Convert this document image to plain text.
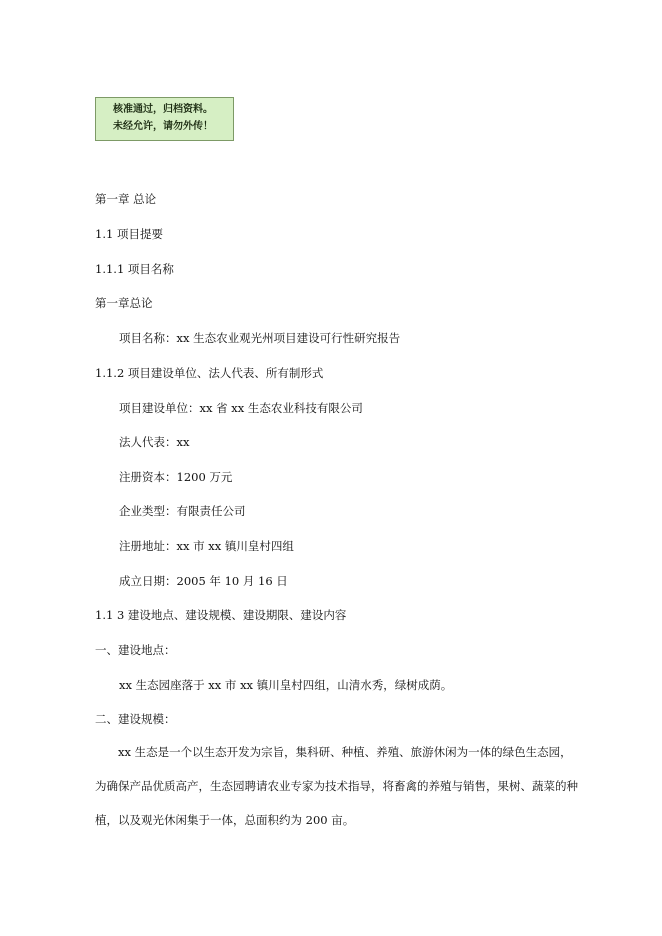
核准通过，归档资料。
未经允许，请勿外传！
第一章 总论
1.1 项目提要
1.1.1 项目名称
第一章总论
项目名称：xx 生态农业观光州项目建设可行性研究报告
1.1.2 项目建设单位、法人代表、所有制形式
项目建设单位：xx 省 xx 生态农业科技有限公司
法人代表：xx
注册资本：1200 万元
企业类型：有限责任公司
注册地址：xx 市 xx 镇川皇村四组
成立日期：2005 年 10 月 16 日
1.1 3 建设地点、建设规模、建设期限、建设内容
一、建设地点：
xx 生态园座落于 xx 市 xx 镇川皇村四组，山清水秀，绿树成荫。
二、建设规模：
xx 生态是一个以生态开发为宗旨，集科研、种植、养殖、旅游休闲为一体的绿色生态园，为确保产品优质高产，生态园聘请农业专家为技术指导，将畜禽的养殖与销售，果树、蔬菜的种植，以及观光休闲集于一体，总面积约为 200 亩。
